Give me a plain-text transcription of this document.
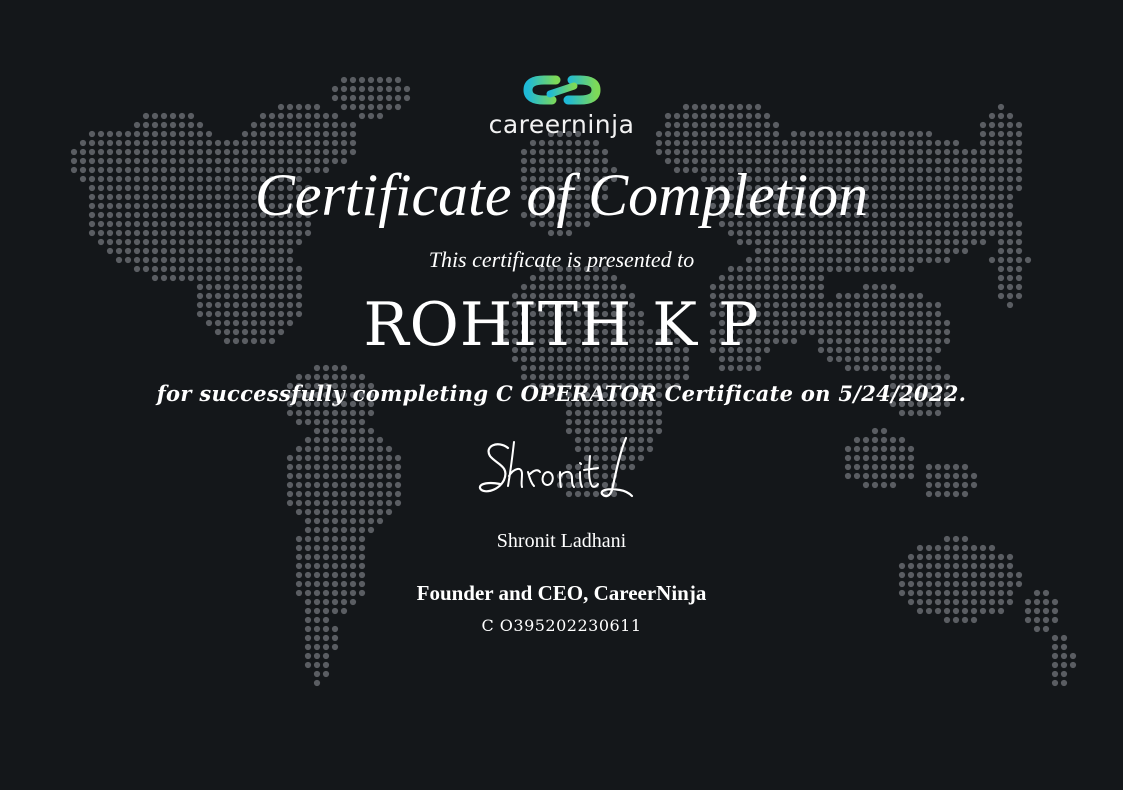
careerninja
Certificate of Completion
This certificate is presented to
ROHITH K P
for successfully completing C OPERATOR Certificate on 5/24/2022.
Shronit Ladhani
Founder and CEO, CareerNinja
C O395202230611
